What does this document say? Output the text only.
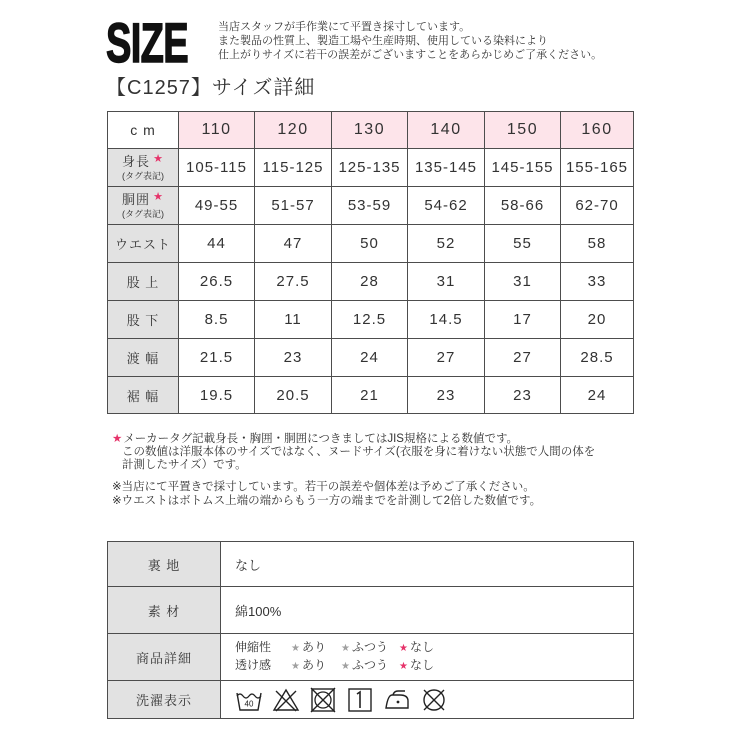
SIZE	当店スタッフが手作業にて平置き採寸しています。

また製品の性質上、製造工場や生産時期、使用している染料により

仕上がりサイズに若干の誤差がございますことをあらかじめご了承ください。

【C1257】サイズ詳細
c m	110	120	130	140	150	160

身長 ★
(タグ表記)	105-115	115-125	125-135	135-145	145-155	155-165

胴囲 ★
(タグ表記)	49-55	51-57	53-59	54-62	58-66	62-70
ウエスト	44	47	50	52	55	58
股 上	26.5	27.5	28	31	31	33
股 下	8.5	11	12.5	14.5	17	20
渡 幅	21.5	23	24	27	27	28.5
裾 幅	19.5	20.5	21	23	23	24

★メーカータグ記載身長・胸囲・胴囲につきましてはJIS規格による数値です。

この数値は洋服本体のサイズではなく、ヌードサイズ(衣服を身に着けない状態で人間の体を

計測したサイズ）です。

※当店にて平置きで採寸しています。若干の誤差や個体差は予めご了承ください。

※ウエストはボトムス上端の端からもう一方の端までを計測して2倍した数値です。

裏 地	なし
素 材	綿100%
商品詳細	伸縮性 ★ あり ★ ふつう ★ なし
透け感 ★ あり ★ ふつう ★ なし

洗濯表示	40
